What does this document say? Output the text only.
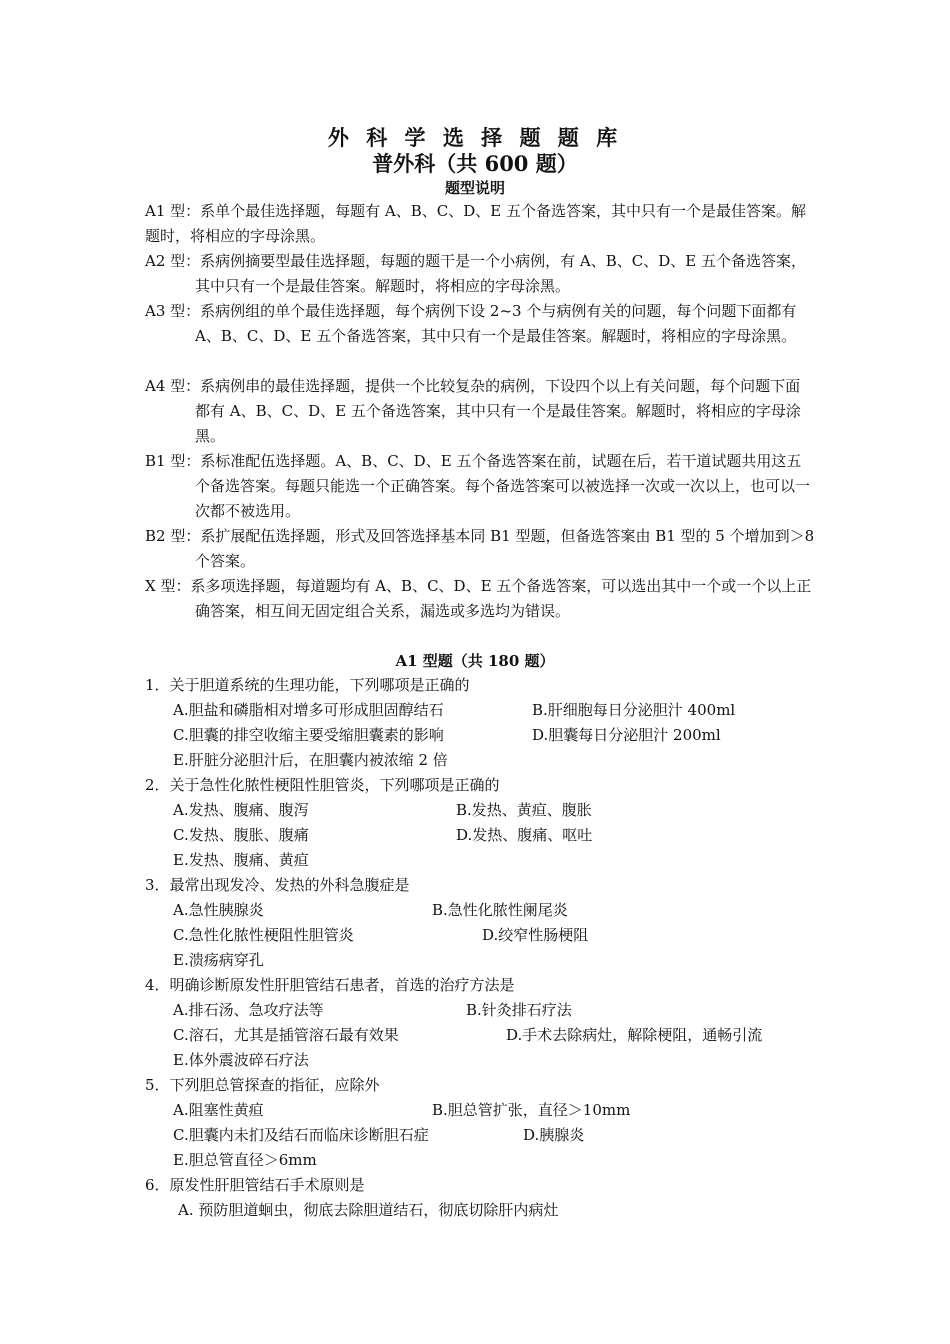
外 科 学 选 择 题 题 库
普外科（共 600 题）
题型说明
A1 型：系单个最佳选择题，每题有 A、B、C、D、E 五个备选答案，其中只有一个是最佳答案。解题时，将相应的字母涂黑。
A2 型：系病例摘要型最佳选择题，每题的题干是一个小病例，有 A、B、C、D、E 五个备选答案，其中只有一个是最佳答案。解题时，将相应的字母涂黑。
A3 型：系病例组的单个最佳选择题，每个病例下设 2~3 个与病例有关的问题，每个问题下面都有 A、B、C、D、E 五个备选答案，其中只有一个是最佳答案。解题时，将相应的字母涂黑。
A4 型：系病例串的最佳选择题，提供一个比较复杂的病例，下设四个以上有关问题，每个问题下面都有 A、B、C、D、E 五个备选答案，其中只有一个是最佳答案。解题时，将相应的字母涂黑。
B1 型：系标准配伍选择题。A、B、C、D、E 五个备选答案在前，试题在后，若干道试题共用这五个备选答案。每题只能选一个正确答案。每个备选答案可以被选择一次或一次以上，也可以一次都不被选用。
B2 型：系扩展配伍选择题，形式及回答选择基本同 B1 型题，但备选答案由 B1 型的 5 个增加到＞8 个答案。
X 型：系多项选择题，每道题均有 A、B、C、D、E 五个备选答案，可以选出其中一个或一个以上正确答案，相互间无固定组合关系，漏选或多选均为错误。
A1 型题（共 180 题）
1．关于胆道系统的生理功能，下列哪项是正确的
A.胆盐和磷脂相对增多可形成胆固醇结石	B.肝细胞每日分泌胆汁 400ml
C.胆囊的排空收缩主要受缩胆囊素的影响	D.胆囊每日分泌胆汁 200ml
E.肝脏分泌胆汁后，在胆囊内被浓缩 2 倍
2．关于急性化脓性梗阻性胆管炎，下列哪项是正确的
A.发热、腹痛、腹泻	B.发热、黄疸、腹胀
C.发热、腹胀、腹痛	D.发热、腹痛、呕吐
E.发热、腹痛、黄疸
3．最常出现发冷、发热的外科急腹症是
A.急性胰腺炎	B.急性化脓性阑尾炎
C.急性化脓性梗阻性胆管炎	D.绞窄性肠梗阻
E.溃疡病穿孔
4．明确诊断原发性肝胆管结石患者，首选的治疗方法是
A.排石汤、急攻疗法等	B.针灸排石疗法
C.溶石，尤其是插管溶石最有效果	D.手术去除病灶，解除梗阻，通畅引流
E.体外震波碎石疗法
5．下列胆总管探查的指征，应除外
A.阻塞性黄疸	B.胆总管扩张，直径＞10mm
C.胆囊内未扪及结石而临床诊断胆石症	D.胰腺炎
E.胆总管直径＞6mm
6．原发性肝胆管结石手术原则是
A. 预防胆道蛔虫，彻底去除胆道结石，彻底切除肝内病灶
